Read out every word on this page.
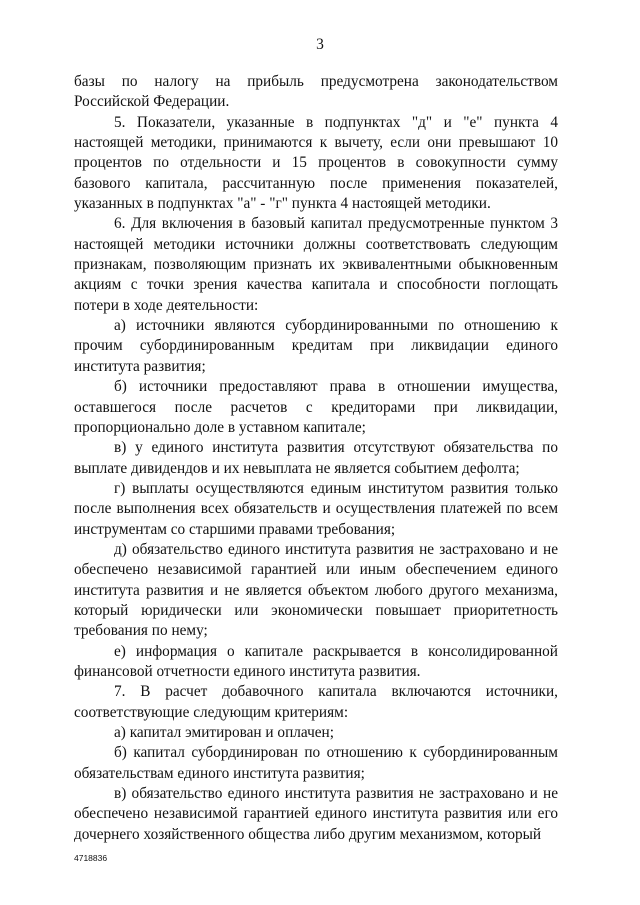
3

базы по налогу на прибыль предусмотрена законодательством Российской Федерации.

5. Показатели, указанные в подпунктах "д" и "е" пункта 4 настоящей методики, принимаются к вычету, если они превышают 10 процентов по отдельности и 15 процентов в совокупности сумму базового капитала, рассчитанную после применения показателей, указанных в подпунктах "а" - "г" пункта 4 настоящей методики.

6. Для включения в базовый капитал предусмотренные пунктом 3 настоящей методики источники должны соответствовать следующим признакам, позволяющим признать их эквивалентными обыкновенным акциям с точки зрения качества капитала и способности поглощать потери в ходе деятельности:

а) источники являются субординированными по отношению к прочим субординированным кредитам при ликвидации единого института развития;

б) источники предоставляют права в отношении имущества, оставшегося после расчетов с кредиторами при ликвидации, пропорционально доле в уставном капитале;

в) у единого института развития отсутствуют обязательства по выплате дивидендов и их невыплата не является событием дефолта;

г) выплаты осуществляются единым институтом развития только после выполнения всех обязательств и осуществления платежей по всем инструментам со старшими правами требования;

д) обязательство единого института развития не застраховано и не обеспечено независимой гарантией или иным обеспечением единого института развития и не является объектом любого другого механизма, который юридически или экономически повышает приоритетность требования по нему;

е) информация о капитале раскрывается в консолидированной финансовой отчетности единого института развития.

7. В расчет добавочного капитала включаются источники, соответствующие следующим критериям:

а) капитал эмитирован и оплачен;

б) капитал субординирован по отношению к субординированным обязательствам единого института развития;

в) обязательство единого института развития не застраховано и не обеспечено независимой гарантией единого института развития или его дочернего хозяйственного общества либо другим механизмом, который

4718836
